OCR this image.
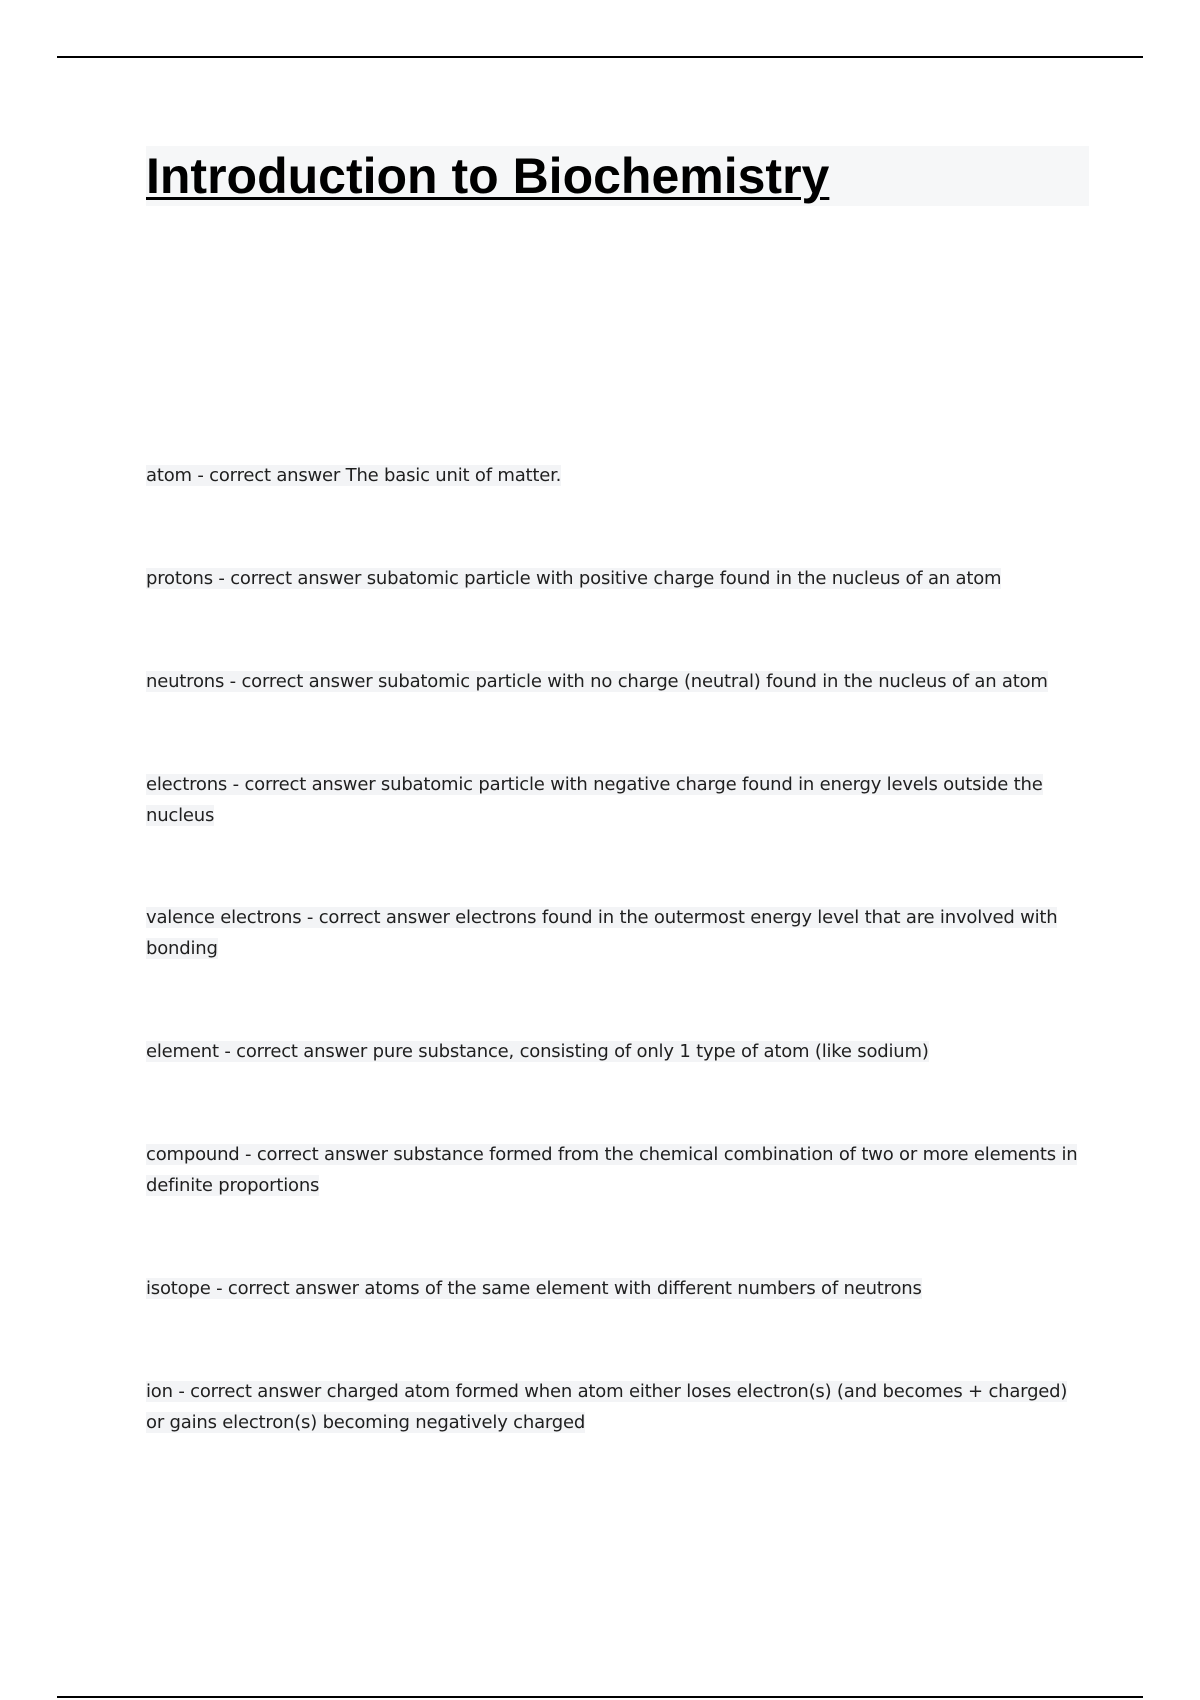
Introduction to Biochemistry

atom - correct answer The basic unit of matter.

protons - correct answer subatomic particle with positive charge found in the nucleus of an atom

neutrons - correct answer subatomic particle with no charge (neutral) found in the nucleus of an atom

electrons - correct answer subatomic particle with negative charge found in energy levels outside the nucleus

valence electrons - correct answer electrons found in the outermost energy level that are involved with bonding

element - correct answer pure substance, consisting of only 1 type of atom (like sodium)

compound - correct answer substance formed from the chemical combination of two or more elements in definite proportions

isotope - correct answer atoms of the same element with different numbers of neutrons

ion - correct answer charged atom formed when atom either loses electron(s) (and becomes + charged) or gains electron(s) becoming negatively charged
